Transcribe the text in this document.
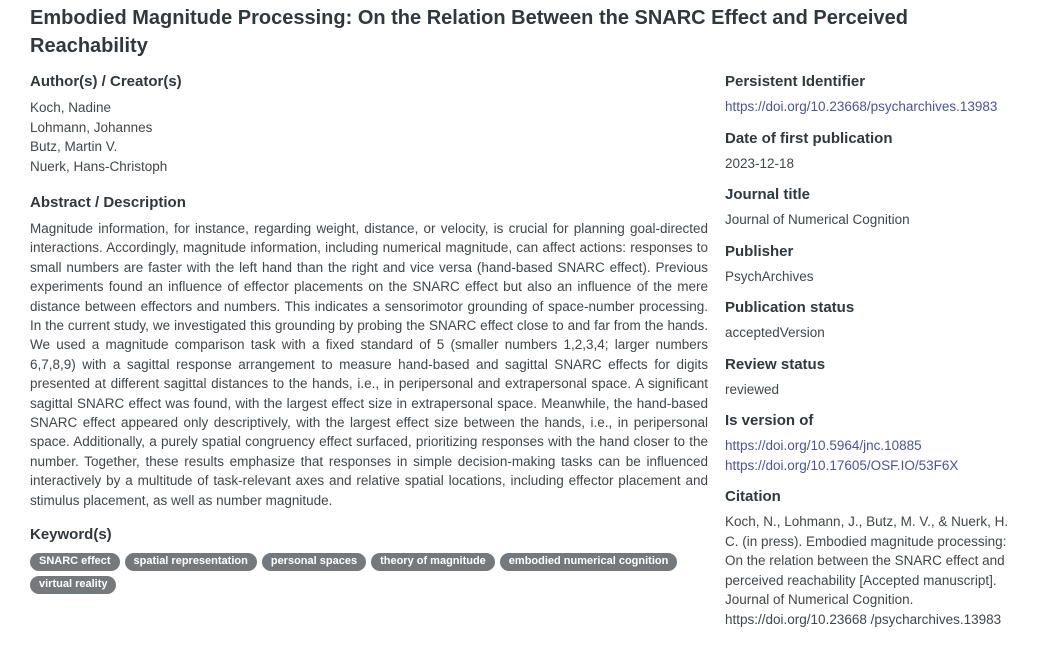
Embodied Magnitude Processing: On the Relation Between the SNARC Effect and Perceived Reachability
Author(s) / Creator(s)
Koch, Nadine
Lohmann, Johannes
Butz, Martin V.
Nuerk, Hans-Christoph
Abstract / Description

Magnitude information, for instance, regarding weight, distance, or velocity, is crucial for planning goal-directed interactions. Accordingly, magnitude information, including numerical magnitude, can affect actions: responses to small numbers are faster with the left hand than the right and vice versa (hand-based SNARC effect). Previous experiments found an influence of effector placements on the SNARC effect but also an influence of the mere distance between effectors and numbers. This indicates a sensorimotor grounding of space-number processing. In the current study, we investigated this grounding by probing the SNARC effect close to and far from the hands. We used a magnitude comparison task with a fixed standard of 5 (smaller numbers 1,2,3,4; larger numbers 6,7,8,9) with a sagittal response arrangement to measure hand-based and sagittal SNARC effects for digits presented at different sagittal distances to the hands, i.e., in peripersonal and extrapersonal space. A significant sagittal SNARC effect was found, with the largest effect size in extrapersonal space. Meanwhile, the hand-based SNARC effect appeared only descriptively, with the largest effect size between the hands, i.e., in peripersonal space. Additionally, a purely spatial congruency effect surfaced, prioritizing responses with the hand closer to the number. Together, these results emphasize that responses in simple decision-making tasks can be influenced interactively by a multitude of task-relevant axes and relative spatial locations, including effector placement and stimulus placement, as well as number magnitude.

Keyword(s)
SNARC effect	spatial representation	personal spaces	theory of magnitude	embodied numerical cognition
virtual reality
Persistent Identifier
https://doi.org/10.23668/psycharchives.13983
Date of first publication
2023-12-18
Journal title
Journal of Numerical Cognition
Publisher
PsychArchives
Publication status
acceptedVersion
Review status
reviewed
Is version of
https://doi.org/10.5964/jnc.10885
https://doi.org/10.17605/OSF.IO/53F6X
Citation
Koch, N., Lohmann, J., Butz, M. V., & Nuerk, H. C. (in press). Embodied magnitude processing: On the relation between the SNARC effect and perceived reachability [Accepted manuscript]. Journal of Numerical Cognition. https://doi.org/10.23668 /psycharchives.13983
